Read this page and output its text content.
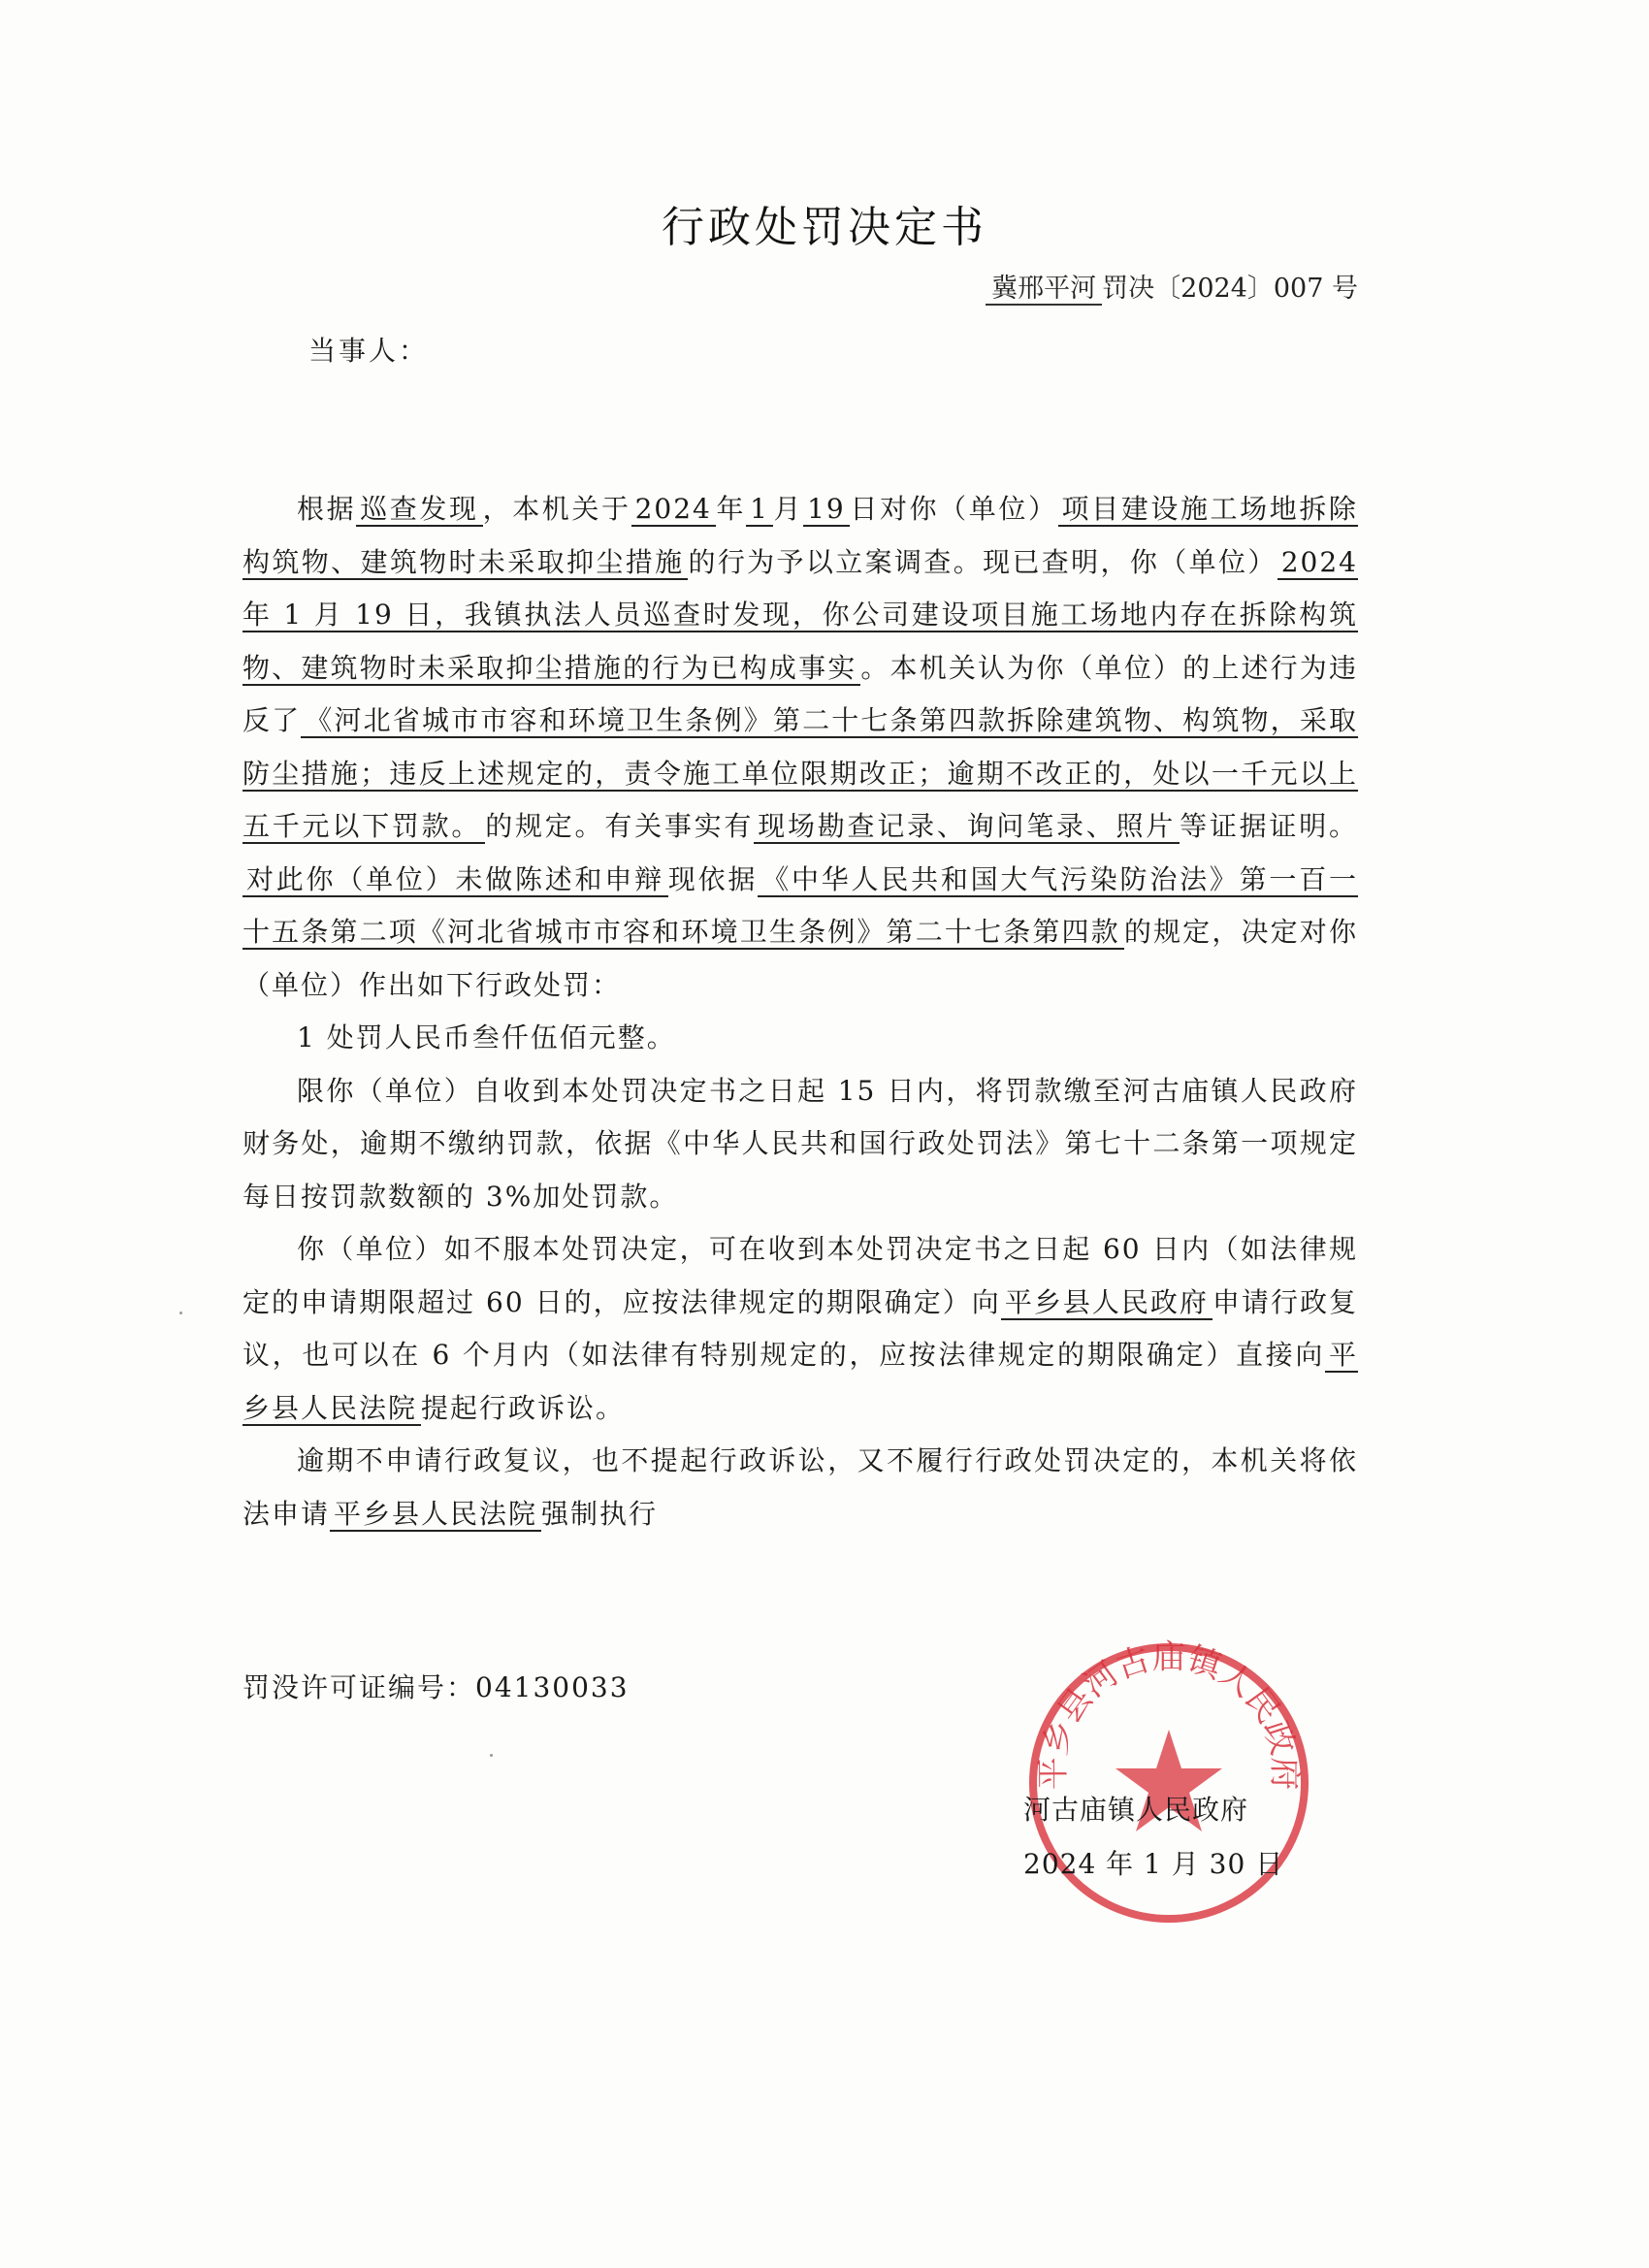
行政处罚决定书
冀邢平河 罚决〔2024〕007 号
当事人：

根据 巡查发现 ，本机关于 2024 年 1 月 19 日对你（单位） 项目建设施工场地拆除构筑物、建筑物时未采取抑尘措施 的行为予以立案调查。现已查明，你（单位） 2024 年 1 月 19 日，我镇执法人员巡查时发现，你公司建设项目施工场地内存在拆除构筑物、建筑物时未采取抑尘措施的行为已构成事实 。本机关认为你（单位）的上述行为违反了 《河北省城市市容和环境卫生条例》第二十七条第四款拆除建筑物、构筑物，采取防尘措施；违反上述规定的，责令施工单位限期改正；逾期不改正的，处以一千元以上五千元以下罚款。 的规定。有关事实有 现场勘查记录、询问笔录、照片 等证据证明。对此你（单位）未做陈述和申辩 现依据 《中华人民共和国大气污染防治法》第一百一十五条第二项《河北省城市市容和环境卫生条例》第二十七条第四款 的规定，决定对你（单位）作出如下行政处罚：

1 处罚人民币叁仟伍佰元整。

限你（单位）自收到本处罚决定书之日起 15 日内，将罚款缴至河古庙镇人民政府财务处，逾期不缴纳罚款，依据《中华人民共和国行政处罚法》第七十二条第一项规定每日按罚款数额的 3%加处罚款。

你（单位）如不服本处罚决定，可在收到本处罚决定书之日起 60 日内（如法律规定的申请期限超过 60 日的，应按法律规定的期限确定）向 平乡县人民政府 申请行政复议，也可以在 6 个月内（如法律有特别规定的，应按法律规定的期限确定）直接向 平乡县人民法院 提起行政诉讼。

逾期不申请行政复议，也不提起行政诉讼，又不履行行政处罚决定的，本机关将依法申请 平乡县人民法院 强制执行

罚没许可证编号：04130033
平乡县河古庙镇人民政府
河古庙镇人民政府
2024 年 1 月 30 日
